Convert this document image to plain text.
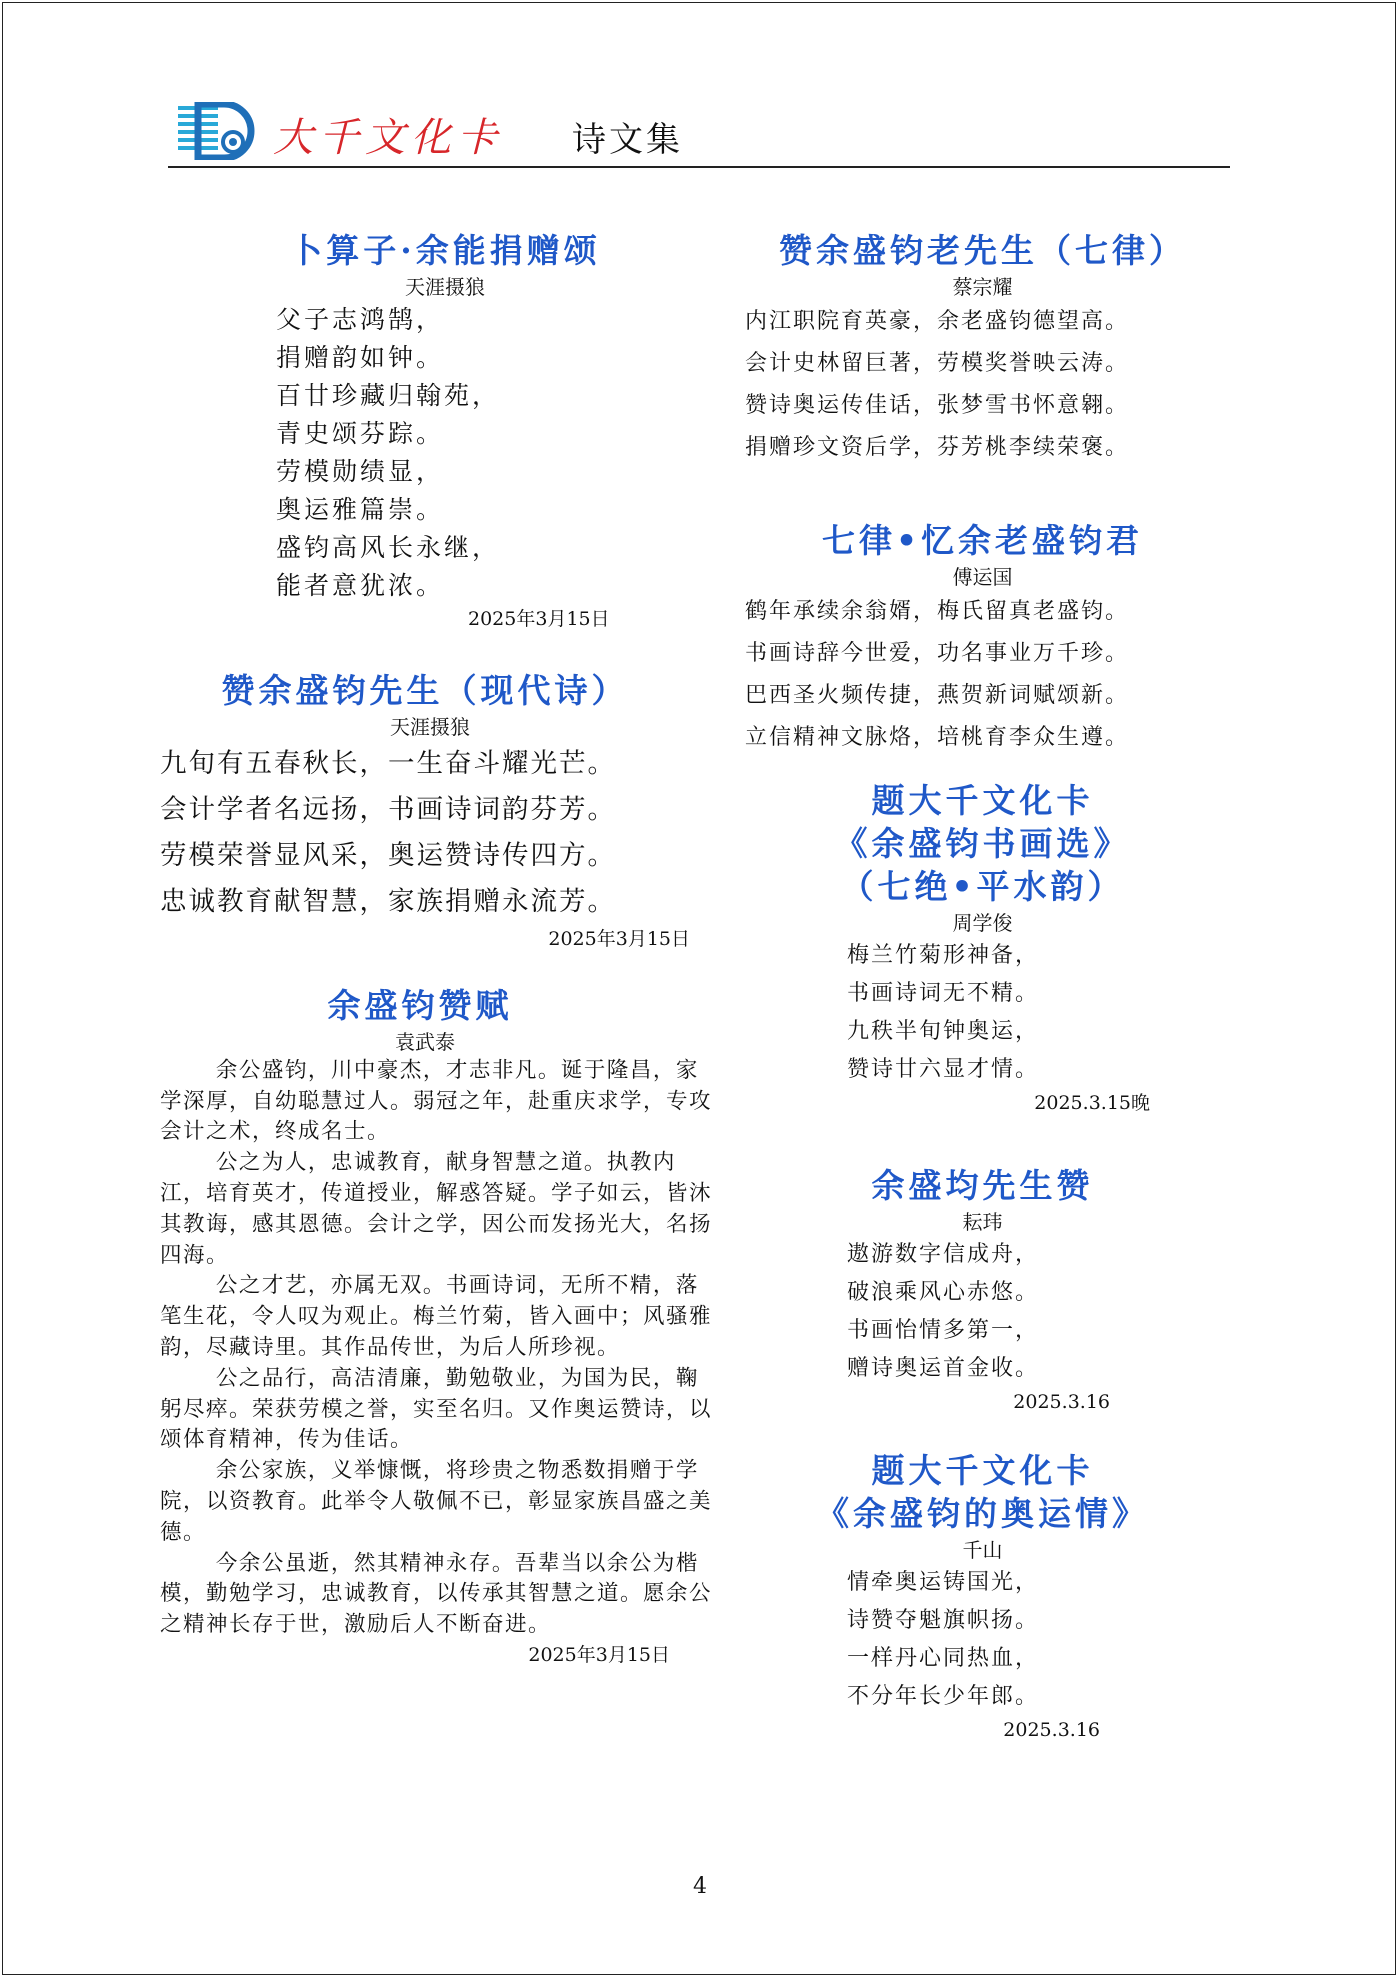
大千文化卡 诗文集
卜算子·余能捐赠颂
天涯摄狼
父子志鸿鹄，
捐赠韵如钟。
百廿珍藏归翰苑，
青史颂芬踪。
劳模勋绩显，
奥运雅篇崇。
盛钧高风长永继，
能者意犹浓。
2025年3月15日
赞余盛钧先生（现代诗）
天涯摄狼
九旬有五春秋长，一生奋斗耀光芒。
会计学者名远扬，书画诗词韵芬芳。
劳模荣誉显风采，奥运赞诗传四方。
忠诚教育献智慧，家族捐赠永流芳。
2025年3月15日
余盛钧赞赋
袁武泰

余公盛钧，川中豪杰，才志非凡。诞于隆昌，家学深厚，自幼聪慧过人。弱冠之年，赴重庆求学，专攻会计之术，终成名士。

公之为人，忠诚教育，献身智慧之道。执教内江，培育英才，传道授业，解惑答疑。学子如云，皆沐其教诲，感其恩德。会计之学，因公而发扬光大，名扬四海。

公之才艺，亦属无双。书画诗词，无所不精，落笔生花，令人叹为观止。梅兰竹菊，皆入画中；风骚雅韵，尽藏诗里。其作品传世，为后人所珍视。

公之品行，高洁清廉，勤勉敬业，为国为民，鞠躬尽瘁。荣获劳模之誉，实至名归。又作奥运赞诗，以颂体育精神，传为佳话。

余公家族，义举慷慨，将珍贵之物悉数捐赠于学院，以资教育。此举令人敬佩不已，彰显家族昌盛之美德。

今余公虽逝，然其精神永存。吾辈当以余公为楷模，勤勉学习，忠诚教育，以传承其智慧之道。愿余公之精神长存于世，激励后人不断奋进。

2025年3月15日
赞余盛钧老先生（七律）
蔡宗耀
内江职院育英豪，余老盛钧德望高。
会计史林留巨著，劳模奖誉映云涛。
赞诗奥运传佳话，张梦雪书怀意翱。
捐赠珍文资后学，芬芳桃李续荣褒。
七律•忆余老盛钧君
傅运国
鹤年承续余翁婿，梅氏留真老盛钧。
书画诗辞今世爱，功名事业万千珍。
巴西圣火频传捷，燕贺新词赋颂新。
立信精神文脉烙，培桃育李众生遵。
题大千文化卡
《余盛钧书画选》
（七绝•平水韵）
周学俊
梅兰竹菊形神备，
书画诗词无不精。
九秩半旬钟奥运，
赞诗廿六显才情。
2025.3.15晚
余盛均先生赞
耘玮
遨游数字信成舟，
破浪乘风心赤悠。
书画怡情多第一，
赠诗奥运首金收。
2025.3.16
题大千文化卡
《余盛钧的奥运情》
千山
情牵奥运铸国光，
诗赞夺魁旗帜扬。
一样丹心同热血，
不分年长少年郎。
2025.3.16
4
